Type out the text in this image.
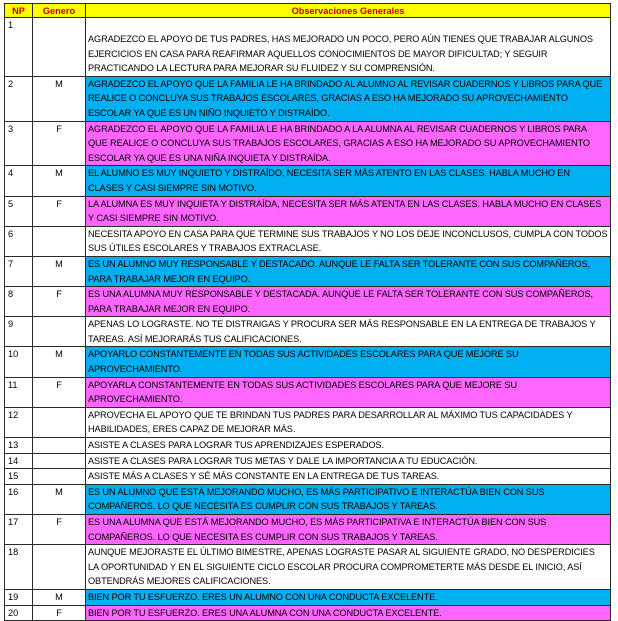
NP	Genero	Observaciones Generales
1		AGRADEZCO EL APOYO DE TUS PADRES, HAS MEJORADO UN POCO, PERO AÚN TIENES QUE TRABAJAR ALGUNOS EJERCICIOS EN CASA PARA REAFIRMAR AQUELLOS CONOCIMIENTOS DE MAYOR DIFICULTAD; Y SEGUIR PRACTICANDO LA LECTURA PARA MEJORAR SU FLUIDEZ Y SU COMPRENSIÓN.
2	M	AGRADEZCO EL APOYO QUE LA FAMILIA LE HA BRINDADO AL ALUMNO AL REVISAR CUADERNOS Y LIBROS PARA QUE REALICE O CONCLUYA SUS TRABAJOS ESCOLARES, GRACIAS A ESO HA MEJORADO SU APROVECHAMIENTO ESCOLAR YA QUE ES UN NIÑO INQUIETO Y DISTRAÍDO.
3	F	AGRADEZCO EL APOYO QUE LA FAMILIA LE HA BRINDADO A LA ALUMNA AL REVISAR CUADERNOS Y LIBROS PARA QUE REALICE O CONCLUYA SUS TRABAJOS ESCOLARES, GRACIAS A ESO HA MEJORADO SU APROVECHAMIENTO ESCOLAR YA QUE ES UNA NIÑA INQUIETA Y DISTRAÍDA.
4	M	EL ALUMNO ES MUY INQUIETO Y DISTRAÍDO, NECESITA SER MÁS ATENTO EN LAS CLASES. HABLA MUCHO EN CLASES Y CASI SIEMPRE SIN MOTIVO.
5	F	LA ALUMNA ES MUY INQUIETA Y DISTRAÍDA, NECESITA SER MÁS ATENTA EN LAS CLASES. HABLA MUCHO EN CLASES Y CASI SIEMPRE SIN MOTIVO.
6		NECESITA APOYO EN CASA PARA QUE TERMINE SUS TRABAJOS Y NO LOS DEJE INCONCLUSOS, CUMPLA CON TODOS SUS ÚTILES ESCOLARES Y TRABAJOS EXTRACLASE.
7	M	ES UN ALUMNO MUY RESPONSABLE Y DESTACADO. AUNQUE LE FALTA SER TOLERANTE CON SUS COMPAÑEROS, PARA TRABAJAR MEJOR EN EQUIPO.
8	F	ES UNA ALUMNA MUY RESPONSABLE Y DESTACADA. AUNQUE LE FALTA SER TOLERANTE CON SUS COMPAÑEROS, PARA TRABAJAR MEJOR EN EQUIPO.
9		APENAS LO LOGRASTE. NO TE DISTRAIGAS Y PROCURA SER MÁS RESPONSABLE EN LA ENTREGA DE TRABAJOS Y TAREAS. ASÍ MEJORARÁS TUS CALIFICACIONES.
10	M	APOYARLO CONSTANTEMENTE EN TODAS SUS ACTIVIDADES ESCOLARES PARA QUE MEJORE SU APROVECHAMIENTO.
11	F	APOYARLA CONSTANTEMENTE EN TODAS SUS ACTIVIDADES ESCOLARES PARA QUE MEJORE SU APROVECHAMIENTO.
12		APROVECHA EL APOYO QUE TE BRINDAN TUS PADRES PARA DESARROLLAR AL MÁXIMO TUS CAPACIDADES Y HABILIDADES, ERES CAPAZ DE MEJORAR MÁS.
13		ASISTE A CLASES PARA LOGRAR TUS APRENDIZAJES ESPERADOS.
14		ASISTE A CLASES PARA LOGRAR TUS METAS Y DALE LA IMPORTANCIA A TU EDUCACIÓN.
15		ASISTE MÁS A CLASES Y SÉ MÁS CONSTANTE EN LA ENTREGA DE TUS TAREAS.
16	M	ES UN ALUMNO QUE ESTÁ MEJORANDO MUCHO, ES MÁS PARTICIPATIVO E INTERACTÚA BIEN CON SUS COMPAÑEROS. LO QUE NECESITA ES CUMPLIR CON SUS TRABAJOS Y TAREAS.
17	F	ES UNA ALUMNA QUE ESTÁ MEJORANDO MUCHO, ES MÁS PARTICIPATIVA E INTERACTÚA BIEN CON SUS COMPAÑEROS. LO QUE NECESITA ES CUMPLIR CON SUS TRABAJOS Y TAREAS.
18		AUNQUE MEJORASTE EL ÚLTIMO BIMESTRE, APENAS LOGRASTE PASAR AL SIGUIENTE GRADO, NO DESPERDICIES LA OPORTUNIDAD Y EN EL SIGUIENTE CICLO ESCOLAR PROCURA COMPROMETERTE MÁS DESDE EL INICIO, ASÍ OBTENDRÁS MEJORES CALIFICACIONES.
19	M	BIEN POR TU ESFUERZO. ERES UN ALUMNO CON UNA CONDUCTA EXCELENTE.
20	F	BIEN POR TU ESFUERZO. ERES UNA ALUMNA CON UNA CONDUCTA EXCELENTE.
